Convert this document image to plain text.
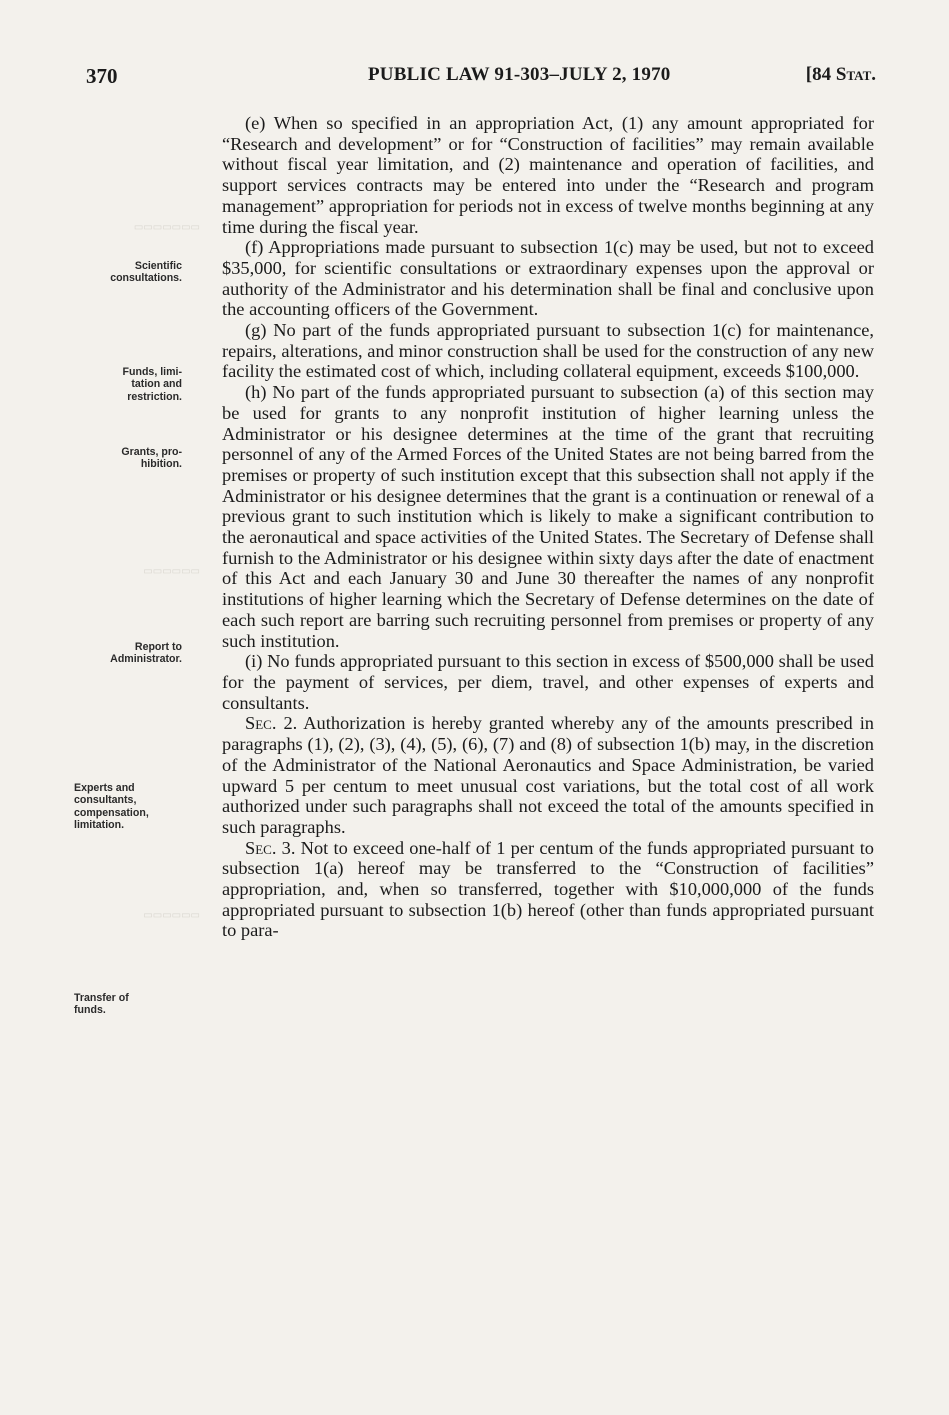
370	PUBLIC LAW 91-303–JULY 2, 1970	[84 Stat.
▭▭▭▭▭▭▭
▭▭▭▭▭▭
▭▭▭▭▭▭
Scientific
consultations.
Funds, limi-
tation and
restriction.
Grants, pro-
hibition.
Report to
Administrator.
Experts and
consultants,
compensation,
limitation.
Transfer of
funds.

(e) When so specified in an appropriation Act, (1) any amount appropriated for “Research and development” or for “Construction of facilities” may remain available without fiscal year limitation, and (2) maintenance and operation of facilities, and support services contracts may be entered into under the “Research and program management” appropriation for periods not in excess of twelve months beginning at any time during the fiscal year.

(f) Appropriations made pursuant to subsection 1(c) may be used, but not to exceed $35,000, for scientific consultations or extraordinary expenses upon the approval or authority of the Administrator and his determination shall be final and conclusive upon the accounting officers of the Government.

(g) No part of the funds appropriated pursuant to subsection 1(c) for maintenance, repairs, alterations, and minor construction shall be used for the construction of any new facility the estimated cost of which, including collateral equipment, exceeds $100,000.

(h) No part of the funds appropriated pursuant to subsection (a) of this section may be used for grants to any nonprofit institution of higher learning unless the Administrator or his designee determines at the time of the grant that recruiting personnel of any of the Armed Forces of the United States are not being barred from the premises or property of such institution except that this subsection shall not apply if the Administrator or his designee determines that the grant is a continuation or renewal of a previous grant to such institution which is likely to make a significant contribution to the aeronautical and space activities of the United States. The Secretary of Defense shall furnish to the Administrator or his designee within sixty days after the date of enactment of this Act and each January 30 and June 30 thereafter the names of any nonprofit institutions of higher learning which the Secretary of Defense determines on the date of each such report are barring such recruiting personnel from premises or property of any such institution.

(i) No funds appropriated pursuant to this section in excess of $500,000 shall be used for the payment of services, per diem, travel, and other expenses of experts and consultants.

Sec. 2. Authorization is hereby granted whereby any of the amounts prescribed in paragraphs (1), (2), (3), (4), (5), (6), (7) and (8) of subsection 1(b) may, in the discretion of the Administrator of the National Aeronautics and Space Administration, be varied upward 5 per centum to meet unusual cost variations, but the total cost of all work authorized under such paragraphs shall not exceed the total of the amounts specified in such paragraphs.

Sec. 3. Not to exceed one-half of 1 per centum of the funds appropriated pursuant to subsection 1(a) hereof may be transferred to the “Construction of facilities” appropriation, and, when so transferred, together with $10,000,000 of the funds appropriated pursuant to subsection 1(b) hereof (other than funds appropriated pursuant to para-
